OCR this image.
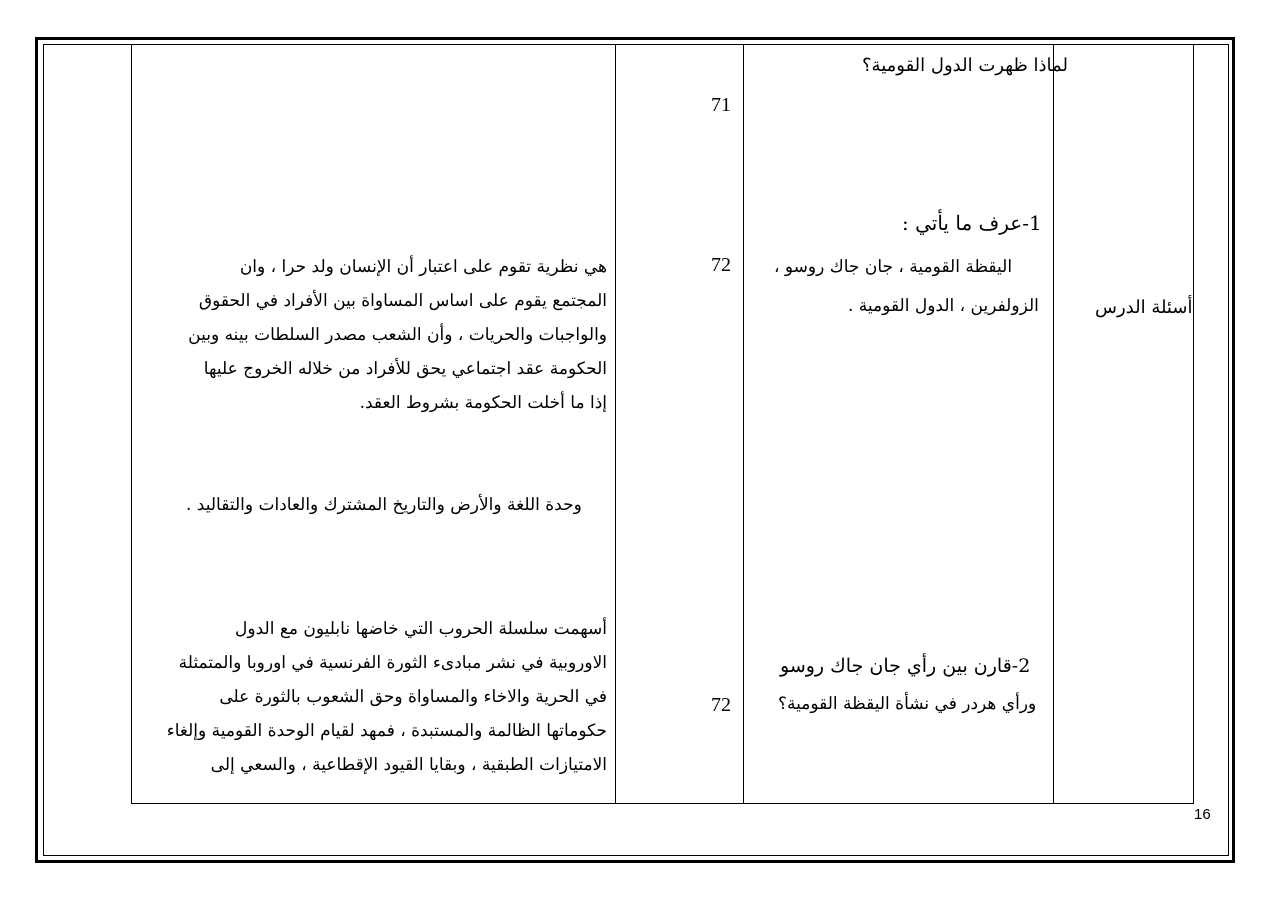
أسئلة الدرس
لماذا ظهرت الدول القومية؟
71
1-عرف ما يأتي :
اليقظة القومية ، جان جاك روسو ،
الزولفرين ، الدول القومية .
72
هي نظرية تقوم على اعتبار أن الإنسان ولد حرا ، وان
المجتمع يقوم على اساس المساواة بين الأفراد في الحقوق
والواجبات والحريات ، وأن الشعب مصدر السلطات بينه وبين
الحكومة عقد اجتماعي يحق للأفراد من خلاله الخروج عليها
إذا ما أخلت الحكومة بشروط العقد.
وحدة اللغة والأرض والتاريخ المشترك والعادات والتقاليد .
2-قارن بين رأي جان جاك روسو
ورأي هردر في نشأة اليقظة القومية؟
72
أسهمت سلسلة الحروب التي خاضها نابليون مع الدول
الاوروبية في نشر مبادىء الثورة الفرنسية في اوروبا والمتمثلة
في الحرية والاخاء والمساواة وحق الشعوب بالثورة على
حكوماتها الظالمة والمستبدة ، فمهد لقيام الوحدة القومية وإلغاء
الامتيازات الطبقية ، وبقايا القيود الإقطاعية ، والسعي إلى
16
